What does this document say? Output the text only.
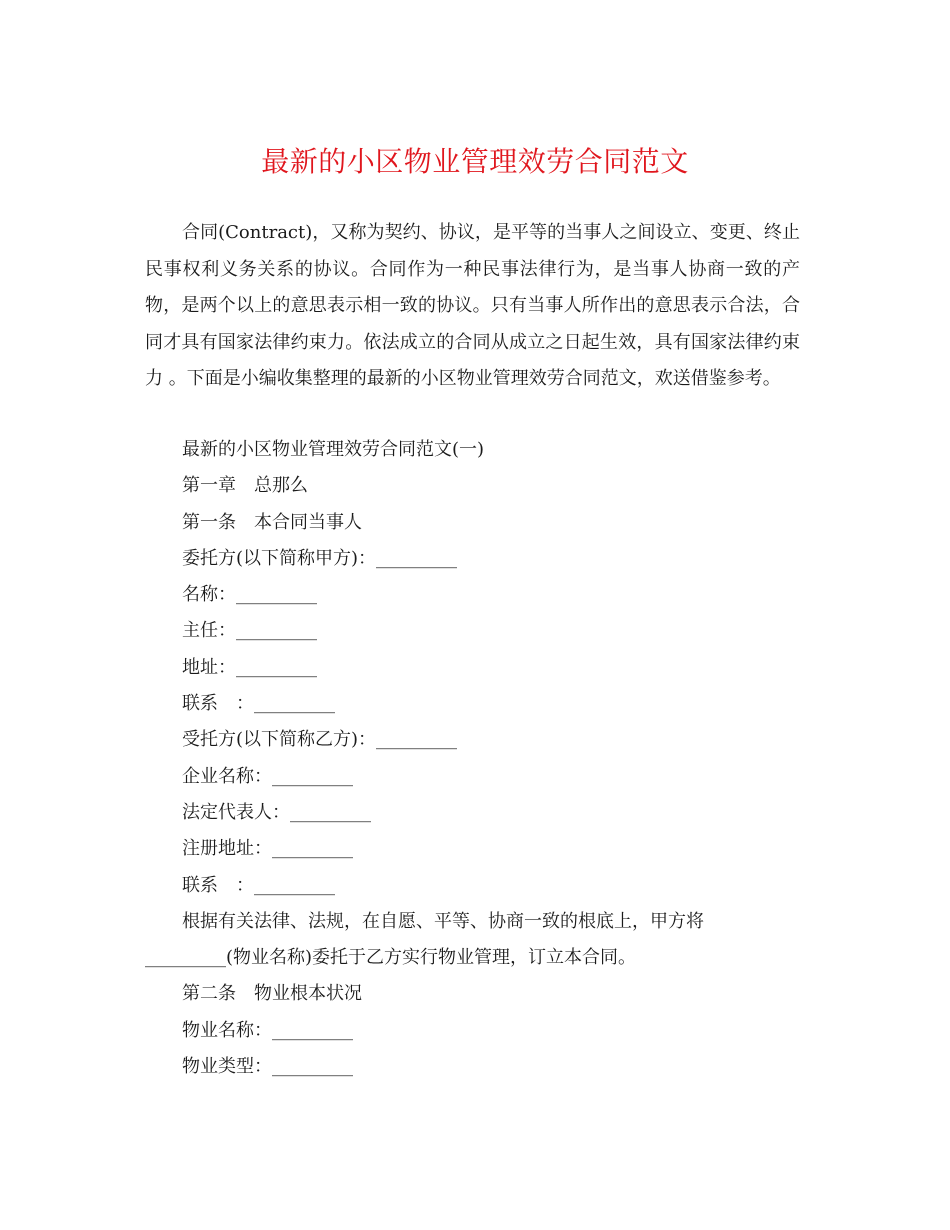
最新的小区物业管理效劳合同范文

合同(Contract)，又称为契约、协议，是平等的当事人之间设立、变更、终止民事权利义务关系的协议。合同作为一种民事法律行为，是当事人协商一致的产物，是两个以上的意思表示相一致的协议。只有当事人所作出的意思表示合法，合同才具有国家法律约束力。依法成立的合同从成立之日起生效，具有国家法律约束力 。下面是小编收集整理的最新的小区物业管理效劳合同范文，欢送借鉴参考。

最新的小区物业管理效劳合同范文(一)
第一章　总那么
第一条　本合同当事人
委托方(以下简称甲方)：_________
名称：_________
主任：_________
地址：_________
联系　：_________
受托方(以下简称乙方)：_________
企业名称：_________
法定代表人：_________
注册地址：_________
联系　：_________
根据有关法律、法规，在自愿、平等、协商一致的根底上，甲方将
_________(物业名称)委托于乙方实行物业管理，订立本合同。
第二条　物业根本状况
物业名称：_________
物业类型：_________
